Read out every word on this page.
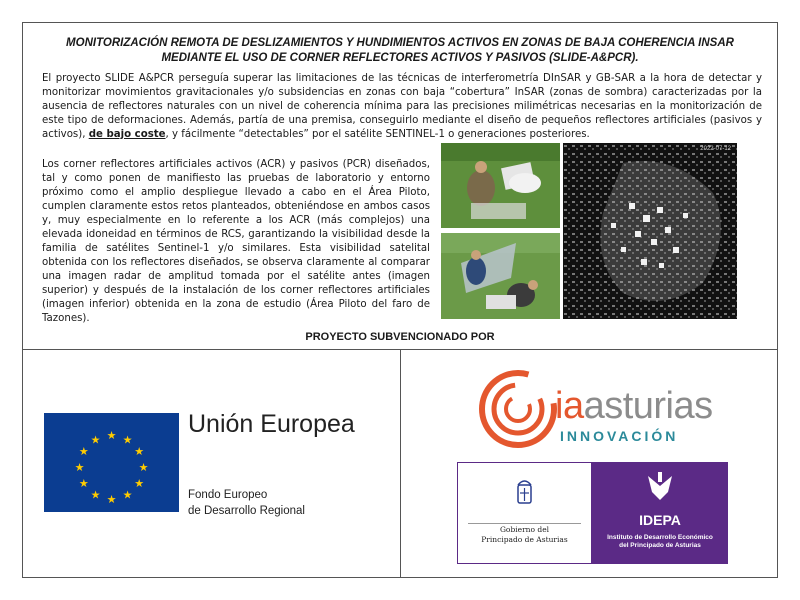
MONITORIZACIÓN REMOTA DE DESLIZAMIENTOS Y HUNDIMIENTOS ACTIVOS EN ZONAS DE BAJA COHERENCIA INSAR
MEDIANTE EL USO DE CORNER REFLECTORES ACTIVOS Y PASIVOS (SLIDE-A&PCR).
El proyecto SLIDE A&PCR perseguía superar las limitaciones de las técnicas de interferometría DInSAR y GB-SAR a la hora de detectar y monitorizar movimientos gravitacionales y/o subsidencias en zonas con baja “cobertura” InSAR (zonas de sombra) caracterizadas por la ausencia de reflectores naturales con un nivel de coherencia mínima para las precisiones milimétricas necesarias en la monitorización de este tipo de deformaciones. Además, partía de una premisa, conseguirlo mediante el diseño de pequeños reflectores artificiales (pasivos y activos), de bajo coste, y fácilmente “detectables” por el satélite SENTINEL-1 o generaciones posteriores.
Los corner reflectores artificiales activos (ACR) y pasivos (PCR) diseñados, tal y como ponen de manifiesto las pruebas de laboratorio y entorno próximo como el amplio despliegue llevado a cabo en el Área Piloto, cumplen claramente estos retos planteados, obteniéndose en ambos casos y, muy especialmente en lo referente a los ACR (más complejos) una elevada idoneidad en términos de RCS, garantizando la visibilidad desde la familia de satélites Sentinel-1 y/o similares. Esta visibilidad satelital obtenida con los reflectores diseñados, se observa claramente al comparar una imagen radar de amplitud tomada por el satélite antes (imagen superior) y después de la instalación de los corner reflectores artificiales (imagen inferior) obtenida en la zona de estudio (Área Piloto del faro de Tazones).
2022-07-12
PROYECTO SUBVENCIONADO POR
★ ★
★
★
★
★
★
★
★
★
★
★
Unión Europea
Fondo Europeo
de Desarrollo Regional
iaasturias
INNOVACIÓN
Gobierno del
Principado de Asturias
IDEPA
Instituto de Desarrollo Económico
del Principado de Asturias
